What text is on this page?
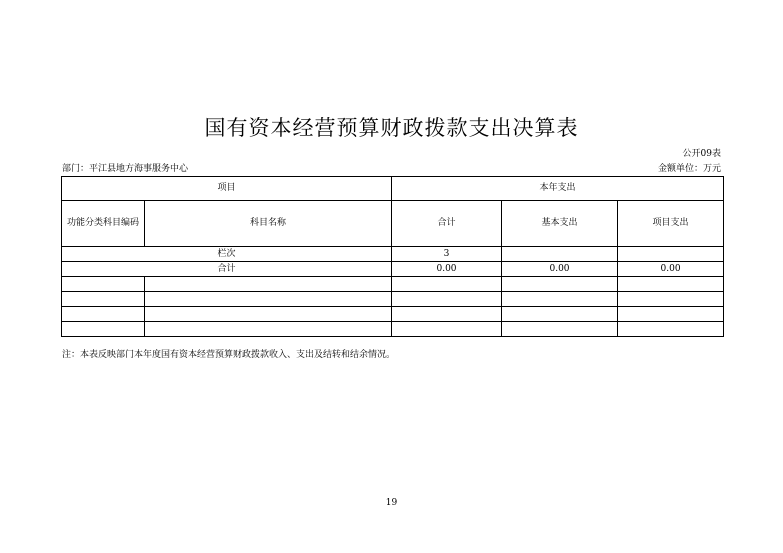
国有资本经营预算财政拨款支出决算表
公开09表
部门：平江县地方海事服务中心	金额单位：万元
项目		本年支出		
功能分类科目编码	科目名称	合计	基本支出	项目支出
栏次		3		
合计		0.00	0.00	0.00

注：本表反映部门本年度国有资本经营预算财政拨款收入、支出及结转和结余情况。
19
